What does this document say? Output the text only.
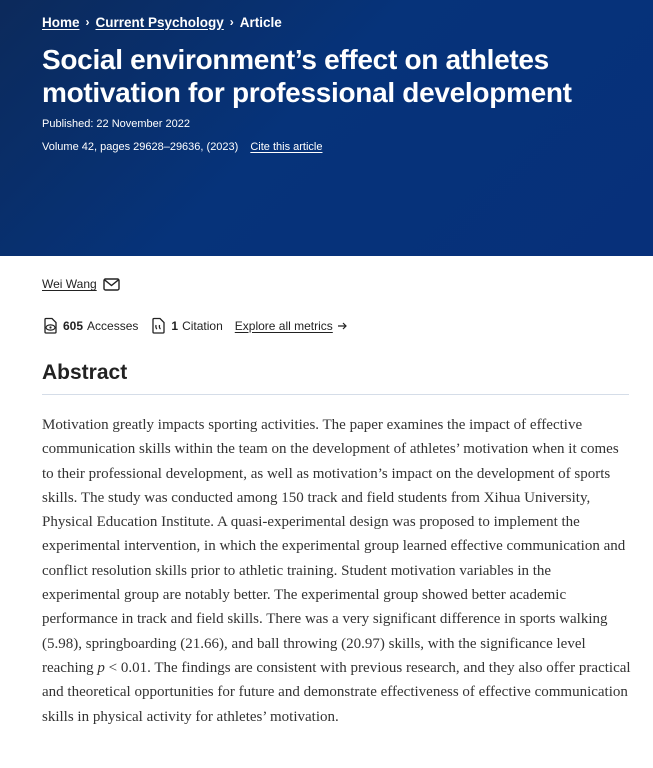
Home › Current Psychology › Article
Social environment’s effect on athletes motivation for professional development
Published: 22 November 2022
Volume 42, pages 29628–29636, (2023) Cite this article
Wei Wang
605 Accesses	1 Citation Explore all metrics
Abstract

Motivation greatly impacts sporting activities. The paper examines the impact of effective communication skills within the team on the development of athletes’ motivation when it comes to their professional development, as well as motivation’s impact on the development of sports skills. The study was conducted among 150 track and field students from Xihua University, Physical Education Institute. A quasi-experimental design was proposed to implement the experimental intervention, in which the experimental group learned effective communication and conflict resolution skills prior to athletic training. Student motivation variables in the experimental group are notably better. The experimental group showed better academic performance in track and field skills. There was a very significant difference in sports walking (5.98), springboarding (21.66), and ball throwing (20.97) skills, with the significance level reaching p < 0.01. The findings are consistent with previous research, and they also offer practical and theoretical opportunities for future and demonstrate effectiveness of effective communication skills in physical activity for athletes’ motivation.
